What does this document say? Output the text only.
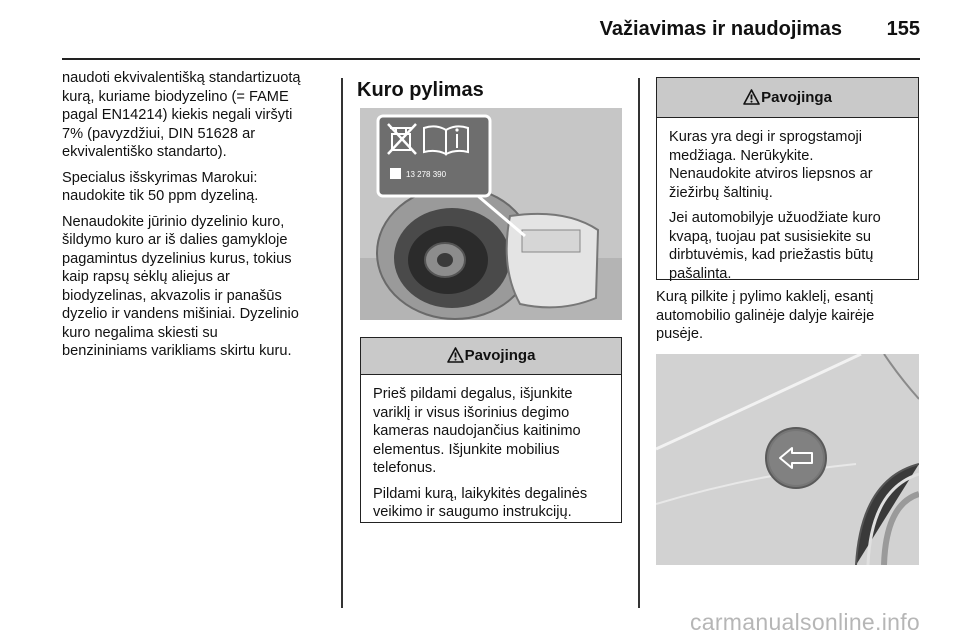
Važiavimas ir naudojimas 155

naudoti ekvivalentišką standartizuotą
kurą, kuriame biodyzelino (= FAME
pagal EN14214) kiekis negali viršyti
7% (pavyzdžiui, DIN 51628 ar
ekvivalentiško standarto).

Specialus išskyrimas Marokui:
naudokite tik 50 ppm dyzeliną.

Nenaudokite jūrinio dyzelinio kuro,
šildymo kuro ar iš dalies gamykloje
pagamintus dyzelinius kurus, tokius
kaip rapsų sėklų aliejus ar
biodyzelinas, akvazolis ir panašūs
dyzelio ir vandens mišiniai. Dyzelinio
kuro negalima skiesti su
benzininiams varikliams skirtu kuru.

Kuro pylimas
13 278 390
Pavojinga

Prieš pildami degalus, išjunkite
variklį ir visus išorinius degimo
kameras naudojančius kaitinimo
elementus. Išjunkite mobilius
telefonus.

Pildami kurą, laikykitės degalinės
veikimo ir saugumo instrukcijų.

Pavojinga

Kuras yra degi ir sprogstamoji
medžiaga. Nerūkykite.
Nenaudokite atviros liepsnos ar
žiežirbų šaltinių.

Jei automobilyje užuodžiate kuro
kvapą, tuojau pat susisiekite su
dirbtuvėmis, kad priežastis būtų
pašalinta.

Kurą pilkite į pylimo kaklelį, esantį
automobilio galinėje dalyje kairėje
pusėje.

carmanualsonline.info
